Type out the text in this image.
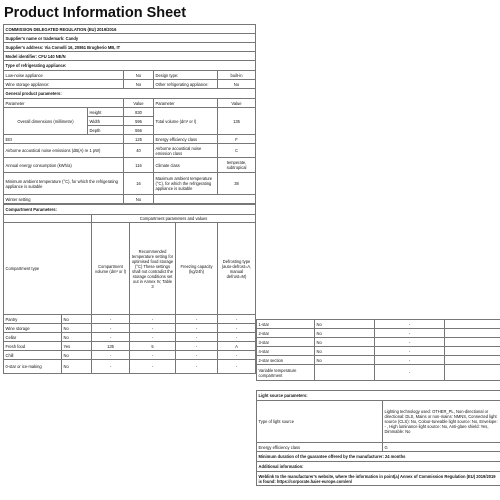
Product Information Sheet
COMMISSION DELEGATED REGULATION (EU) 2019/2016				
Supplier's name or trademark: Candy				
Supplier's address: Via Comolli 16, 20861 Brugherio MB, IT				
Model identifier: CFU 140 NE/N				
Type of refrigerating appliance:				
Low-noise appliance		No	Design type:	built-in
Wine storage appliance:		No	Other refrigerating appliance:	No
General product parameters:				
Parameter		Value	Parameter	Value
Overall dimensions (millimetre)	Height	830	Total volume (dm³ or l)	135
	Width	596		
	Depth	556		
EEI		125	Energy efficiency class	F
Airborne acoustical noise emissions (dB(A) re 1 pW)		40	Airborne acoustical noise emission class	C
Annual energy consumption (kWh/a)		116	Climate class	temperate, subtropical
Minimum ambient temperature (°C), for which the refrigerating appliance is suitable		16	Maximum ambient temperature (°C), for which the refrigerating appliance is suitable	38
Winter setting		No		
Compartment Parameters:					
		Compartment parameters and values			
Compartment type		Compartment volume (dm³ or l)	Recommended temperature setting for optimised food storage (°C) These settings shall not contradict the storage conditions set out in Annex IV, Table 3	Freezing capacity (kg/24h)	Defrosting type (auto-defrost=A, manual defrost=M)
Pantry	No	-	-	-	-
Wine storage	No	-	-	-	-
Cellar	No	-	-	-	-
Fresh food	Yes	135	5	-	A
Chill	No	-	-	-	-
0-star or ice-making	No	-	-	-	-
1-star	No	-	
2-star	No	-	
3-star	No	-	
4-star	No	-	
2-star section	No	-	
Variable temperature compartment		-	
Light source parameters:	
Type of light source	Lighting technology used: OTHER_PL, Non-directional or directional: DLS, Mains or non-mains: NMNS, Connected light source (CLS): No, Colour-tuneable light source: No, Envelope: - , High luminance light source: No, Anti-glare shield: Yes, Dimmable: No
Energy efficiency class	G
Minimum duration of the guarantee offered by the manufacturer: 24 months	
Additional information:	
Weblink to the manufacturer's website, where the information in point(a) Annex of Commission Regulation (EU) 2019/2019 is found: https://corporate.haier-europe.com/en/	
